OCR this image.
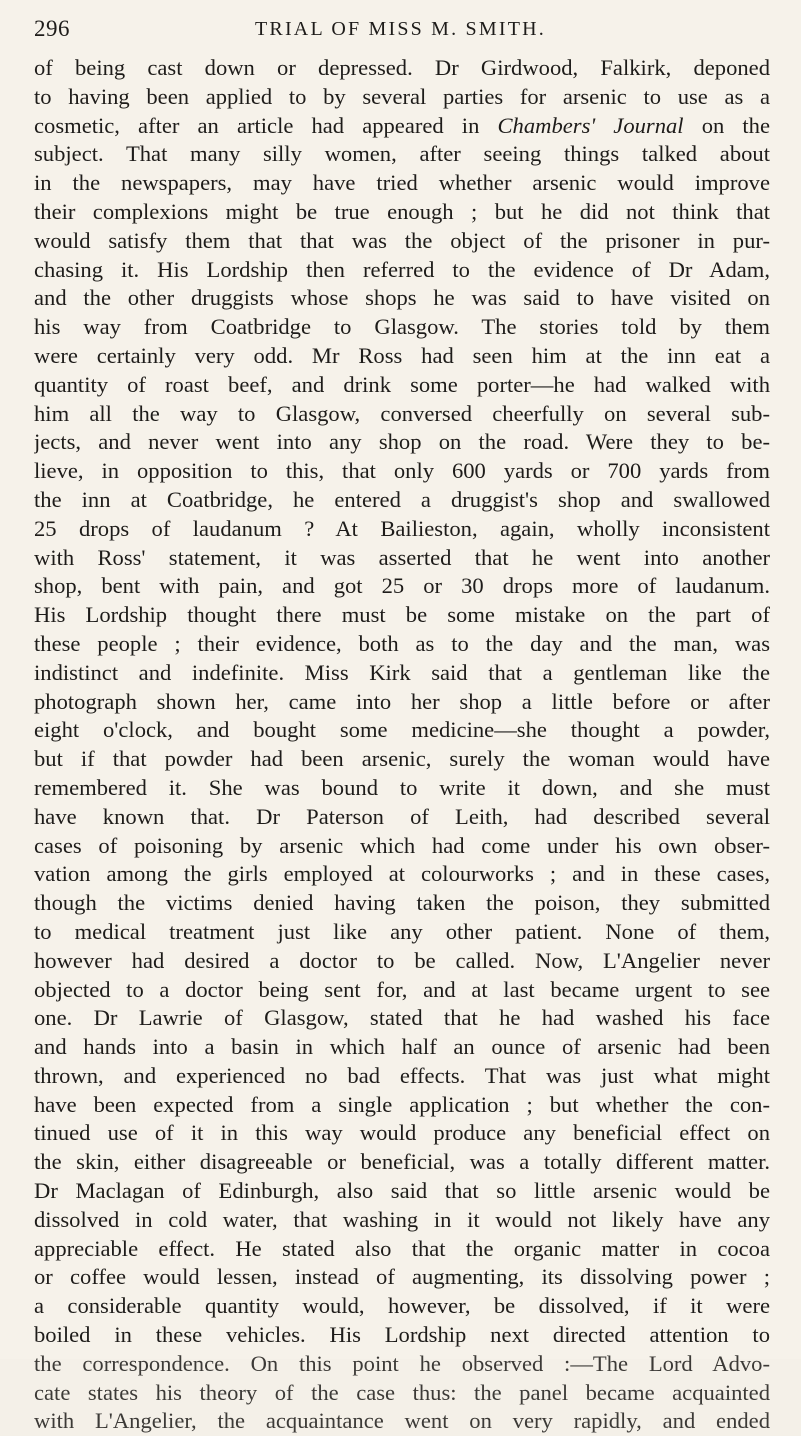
296	TRIAL OF MISS M. SMITH.
of being cast down or depressed. Dr Girdwood, Falkirk, deponed
to having been applied to by several parties for arsenic to use as a
cosmetic, after an article had appeared in Chambers' Journal on the
subject. That many silly women, after seeing things talked about
in the newspapers, may have tried whether arsenic would improve
their complexions might be true enough ; but he did not think that
would satisfy them that that was the object of the prisoner in pur-
chasing it. His Lordship then referred to the evidence of Dr Adam,
and the other druggists whose shops he was said to have visited on
his way from Coatbridge to Glasgow. The stories told by them
were certainly very odd. Mr Ross had seen him at the inn eat a
quantity of roast beef, and drink some porter—he had walked with
him all the way to Glasgow, conversed cheerfully on several sub-
jects, and never went into any shop on the road. Were they to be-
lieve, in opposition to this, that only 600 yards or 700 yards from
the inn at Coatbridge, he entered a druggist's shop and swallowed
25 drops of laudanum ? At Bailieston, again, wholly inconsistent
with Ross' statement, it was asserted that he went into another
shop, bent with pain, and got 25 or 30 drops more of laudanum.
His Lordship thought there must be some mistake on the part of
these people ; their evidence, both as to the day and the man, was
indistinct and indefinite. Miss Kirk said that a gentleman like the
photograph shown her, came into her shop a little before or after
eight o'clock, and bought some medicine—she thought a powder,
but if that powder had been arsenic, surely the woman would have
remembered it. She was bound to write it down, and she must
have known that. Dr Paterson of Leith, had described several
cases of poisoning by arsenic which had come under his own obser-
vation among the girls employed at colourworks ; and in these cases,
though the victims denied having taken the poison, they submitted
to medical treatment just like any other patient. None of them,
however had desired a doctor to be called. Now, L'Angelier never
objected to a doctor being sent for, and at last became urgent to see
one. Dr Lawrie of Glasgow, stated that he had washed his face
and hands into a basin in which half an ounce of arsenic had been
thrown, and experienced no bad effects. That was just what might
have been expected from a single application ; but whether the con-
tinued use of it in this way would produce any beneficial effect on
the skin, either disagreeable or beneficial, was a totally different matter.
Dr Maclagan of Edinburgh, also said that so little arsenic would be
dissolved in cold water, that washing in it would not likely have any
appreciable effect. He stated also that the organic matter in cocoa
or coffee would lessen, instead of augmenting, its dissolving power ;
a considerable quantity would, however, be dissolved, if it were
boiled in these vehicles. His Lordship next directed attention to
the correspondence. On this point he observed :—The Lord Advo-
cate states his theory of the case thus: the panel became acquainted
with L'Angelier, the acquaintance went on very rapidly, and ended
